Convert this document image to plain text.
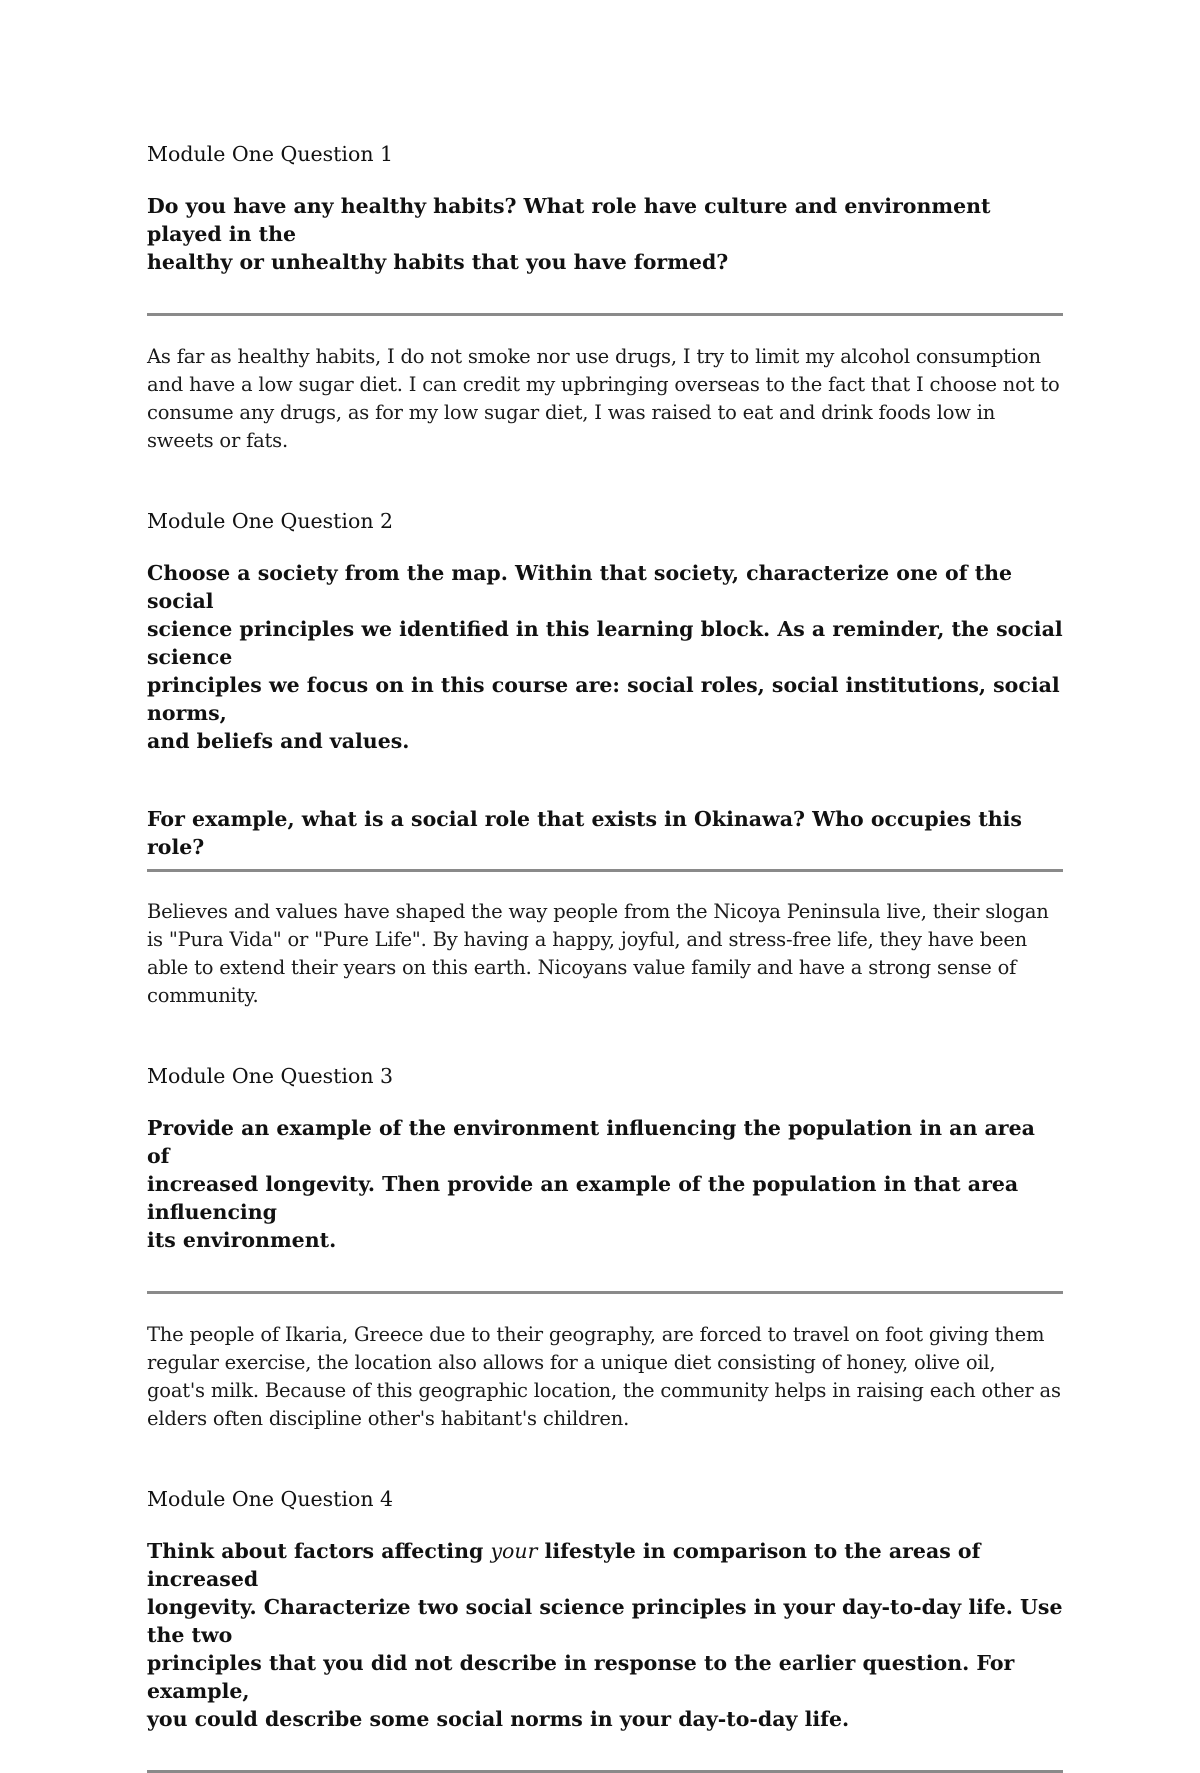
Module One Question 1

Do you have any healthy habits? What role have culture and environment played in the
healthy or unhealthy habits that you have formed?

As far as healthy habits, I do not smoke nor use drugs, I try to limit my alcohol consumption
and have a low sugar diet. I can credit my upbringing overseas to the fact that I choose not to
consume any drugs, as for my low sugar diet, I was raised to eat and drink foods low in
sweets or fats.

Module One Question 2

Choose a society from the map. Within that society, characterize one of the social
science principles we identified in this learning block. As a reminder, the social science
principles we focus on in this course are: social roles, social institutions, social norms,
and beliefs and values.

For example, what is a social role that exists in Okinawa? Who occupies this role?

Believes and values have shaped the way people from the Nicoya Peninsula live, their slogan
is "Pura Vida" or "Pure Life". By having a happy, joyful, and stress-free life, they have been
able to extend their years on this earth. Nicoyans value family and have a strong sense of
community.

Module One Question 3

Provide an example of the environment influencing the population in an area of
increased longevity. Then provide an example of the population in that area influencing
its environment.

The people of Ikaria, Greece due to their geography, are forced to travel on foot giving them
regular exercise, the location also allows for a unique diet consisting of honey, olive oil,
goat's milk. Because of this geographic location, the community helps in raising each other as
elders often discipline other's habitant's children.

Module One Question 4

Think about factors affecting your lifestyle in comparison to the areas of increased
longevity. Characterize two social science principles in your day-to-day life. Use the two
principles that you did not describe in response to the earlier question. For example,
you could describe some social norms in your day-to-day life.
